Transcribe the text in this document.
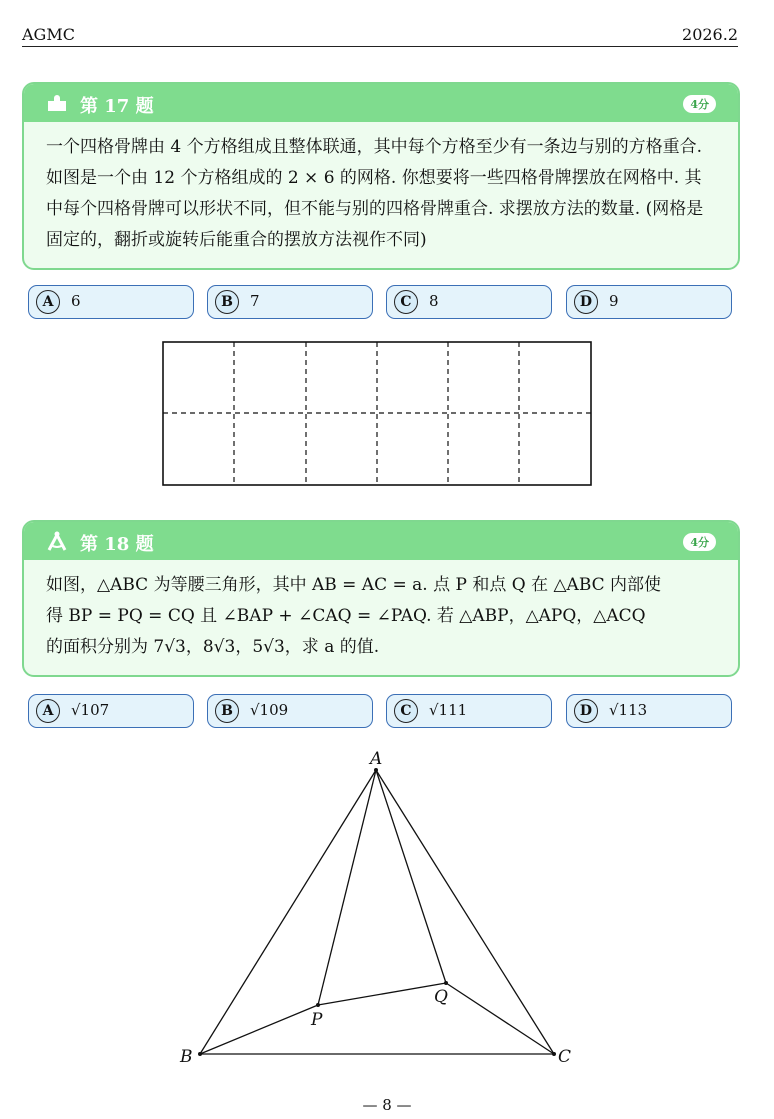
AGMC	2026.2
第 17 题	4分
一个四格骨牌由 4 个方格组成且整体联通，其中每个方格至少有一条边与别的方格重合. 如图是一个由 12 个方格组成的 2 × 6 的网格. 你想要将一些四格骨牌摆放在网格中. 其中每个四格骨牌可以形状不同，但不能与别的四格骨牌重合. 求摆放方法的数量. (网格是固定的，翻折或旋转后能重合的摆放方法视作不同)
A	6	B	7	C	8	D	9
第 18 题	4分
如图，△ABC 为等腰三角形，其中 AB = AC = a. 点 P 和点 Q 在 △ABC 内部使
得 BP = PQ = CQ 且 ∠BAP + ∠CAQ = ∠PAQ. 若 △ABP，△APQ，△ACQ
的面积分别为 7√3，8√3，5√3，求 a 的值.
A	√107	B	√109	C	√111	D	√113
A
B	C
P
Q
— 8 —
